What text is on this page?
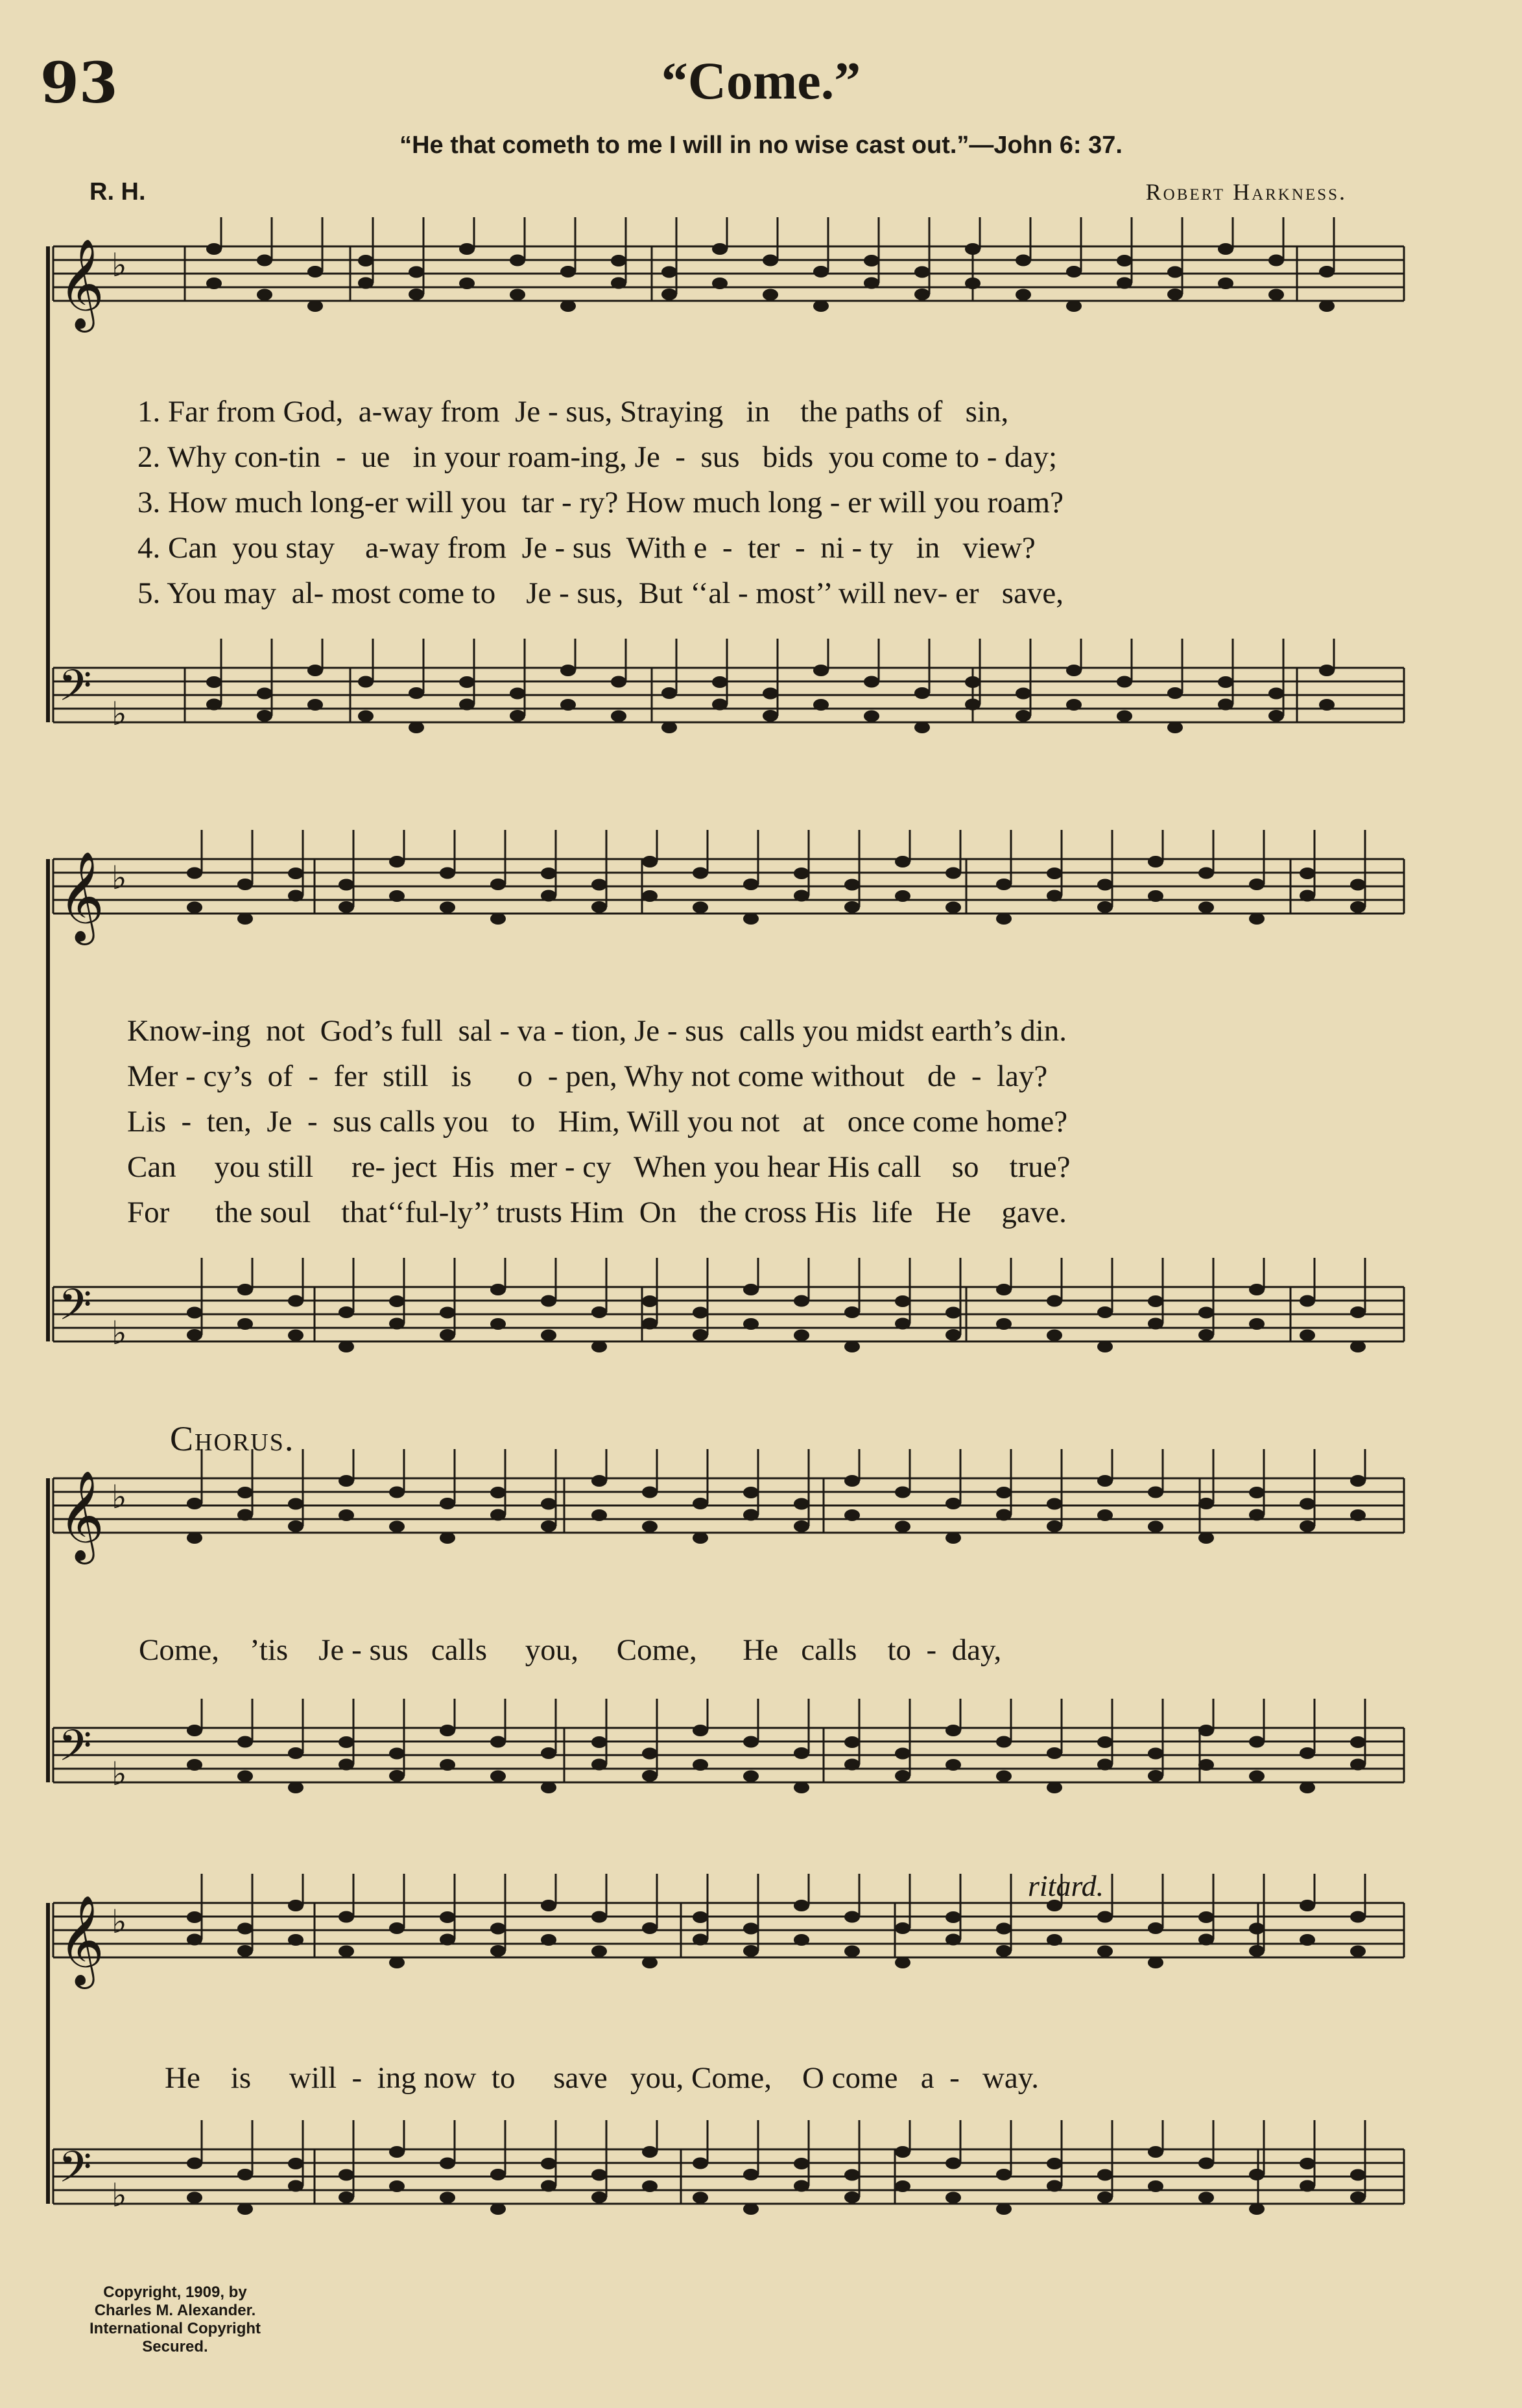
93	“Come.”
“He that cometh to me I will in no wise cast out.”—John 6: 37.
R. H.	Robert Harkness.
𝄞 ♭
𝄢 ♭
𝄞 ♭
𝄢 ♭
𝄞 ♭
𝄢 ♭
𝄞 ♭
𝄢 ♭
1. Far from God,  a-way from  Je - sus, Straying   in    the paths of   sin,
2. Why con-tin  -  ue   in your roam-ing, Je  -  sus   bids  you come to - day;
3. How much long-er will you  tar - ry? How much long - er will you roam?
4. Can  you stay    a-way from  Je - sus  With e  -  ter  -  ni - ty   in   view?
5. You may  al- most come to    Je - sus,  But ‘‘al - most’’ will nev- er   save,
Know-ing  not  God’s full  sal - va - tion, Je - sus  calls you midst earth’s din.
Mer - cy’s  of  -  fer  still   is      o  - pen, Why not come without   de  -  lay?
Lis  -  ten,  Je  -  sus calls you   to   Him, Will you not   at   once come home?
Can     you still     re- ject  His  mer - cy   When you hear His call    so    true?
For      the soul    that‘‘ful-ly’’ trusts Him  On   the cross His  life   He    gave.
Chorus.
Come,    ’tis    Je - sus   calls     you,     Come,      He   calls    to  -  day,
ritard.
He    is     will  -  ing now  to     save   you, Come,    O come   a  -   way.
Copyright, 1909, by
Charles M. Alexander.
International Copyright Secured.
